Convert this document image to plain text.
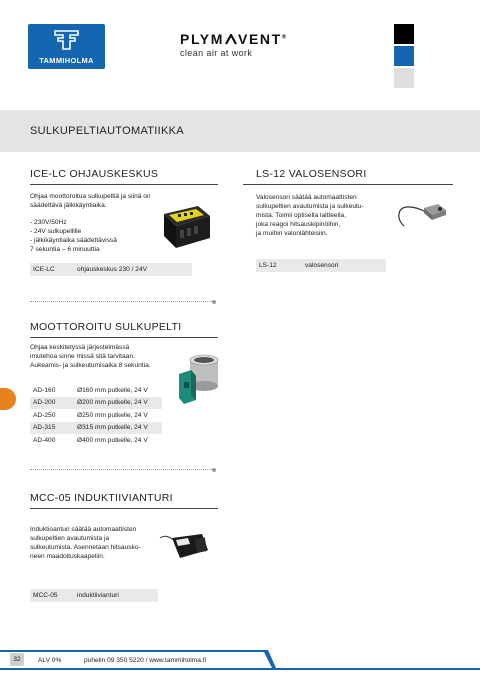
TAMMIHOLMA
PLYM VENT®
clean air at work
SULKUPELTIAUTOMATIIKKA
ICE-LC OHJAUSKESKUS
Ohjaa moottoroitua sulkupeltiä ja siinä on
säädettävä jälkikäyntiaika.
- 230V/50Hz
- 24V sulkupellille
- jälkikäyntiaika säädettävissä
7 sekuntia – 6 minuuttia
ICE-LC	ohjauskeskus 230 / 24V
LS-12 VALOSENSORI
Valosensori säätää automaattisten
sulkupeltien avautumista ja sulkeutu-
mista. Toimii optisella laitteella,
joka reagoi hitsauskipinöihin,
ja muihin valonlähteisiin.
LS-12	valosensori
MOOTTOROITU SULKUPELTI
Ohjaa keskitetyssä järjestelmässä
imutehoa sinne missä sitä tarvitaan.
Aukeamis- ja sulkeutumisaika 8 sekuntia.
AD-160	Ø160 mm putkelle, 24 V
AD-200	Ø200 mm putkelle, 24 V
AD-250	Ø250 mm putkelle, 24 V
AD-315	Ø315 mm putkelle, 24 V
AD-400	Ø400 mm putkelle, 24 V
MCC-05 INDUKTIIVIANTURI
Induktioanturi säätää automaattisten
sulkupeltien avautumista ja
sulkeutumista. Asennetaan hitsausko-
neen maadoituskaapeliin.
MCC-05	induktiivianturi
32	ALV 0%	puhelin 09 350 5220 / www.tammiholma.fi
